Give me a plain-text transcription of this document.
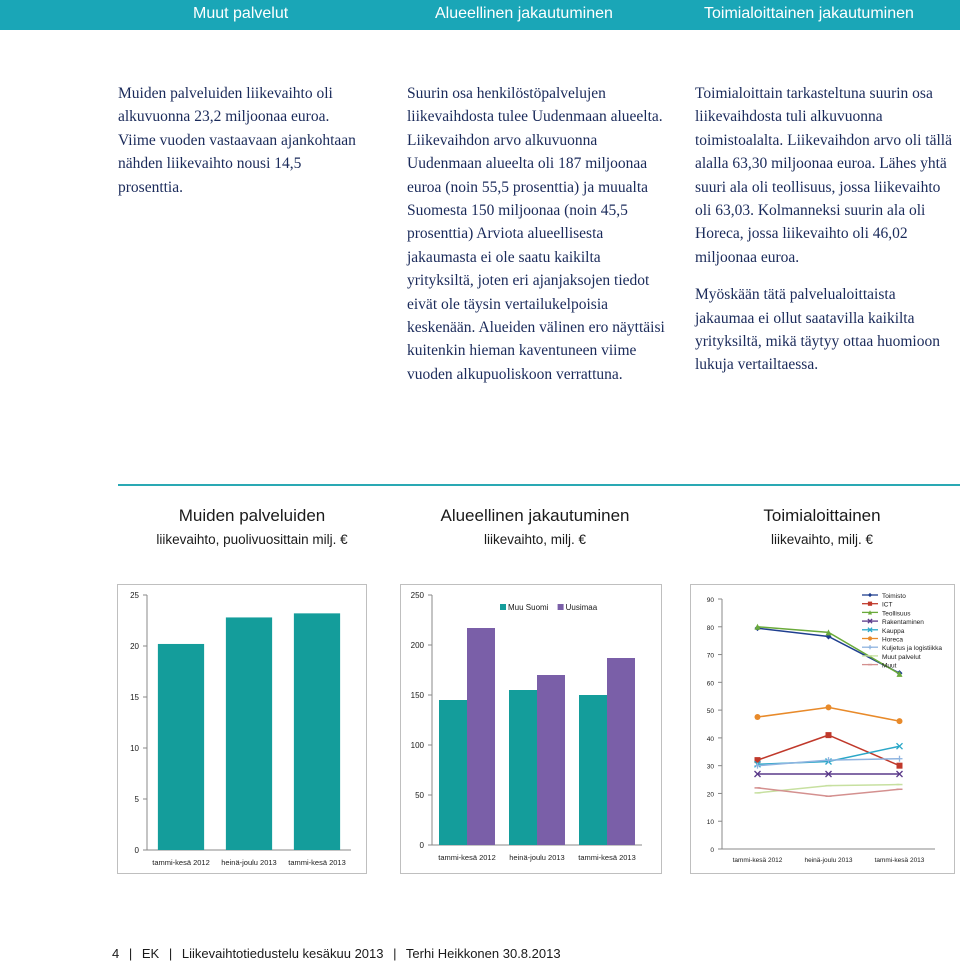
Muut palvelut	Alueellinen jakautuminen	Toimialoittainen jakautuminen

Muiden palveluiden liikevaihto oli alkuvuonna 23,2 miljoonaa euroa. Viime vuoden vastaavaan ajankohtaan nähden liikevaihto nousi 14,5 prosenttia.

Suurin osa henkilöstöpalvelujen liikevaihdosta tulee Uudenmaan alueelta. Liikevaihdon arvo alkuvuonna Uudenmaan alueelta oli 187 miljoonaa euroa (noin 55,5 prosenttia) ja muualta Suomesta 150 miljoonaa (noin 45,5 prosenttia) Arviota alueellisesta jakaumasta ei ole saatu kaikilta yrityksiltä, joten eri ajanjaksojen tiedot eivät ole täysin vertailukelpoisia keskenään. Alueiden välinen ero näyttäisi kuitenkin hieman kaventuneen viime vuoden alkupuoliskoon verrattuna.

Toimialoittain tarkasteltuna suurin osa liikevaihdosta tuli alkuvuonna toimistoalalta. Liikevaihdon arvo oli tällä alalla 63,30 miljoonaa euroa. Lähes yhtä suuri ala oli teollisuus, jossa liikevaihto oli 63,03. Kolmanneksi suurin ala oli Horeca, jossa liikevaihto oli 46,02 miljoonaa euroa.

Myöskään tätä palvelualoittaista jakaumaa ei ollut saatavilla kaikilta yrityksiltä, mikä täytyy ottaa huomioon lukuja vertailtaessa.

Muiden palveluiden
liikevaihto, puolivuosittain milj. €
Alueellinen jakautuminen
liikevaihto, milj. €
Toimialoittainen
liikevaihto, milj. €
0
5
10
15
20
25
tammi-kesä 2012 heinä-joulu 2013 tammi-kesä 2013
0
50
100
150
200
250
tammi-kesä 2012 heinä-joulu 2013 tammi-kesä 2013
Muu Suomi Uusimaa
0
10
20
30
40
50
60
70
80
90
tammi-kesä 2012	heinä-joulu 2013	tammi-kesä 2013
Toimisto
ICT
Teollisuus
Rakentaminen
Kauppa
Horeca
Kuljetus ja logistiikka
Muut palvelut
Muut
4 | EK | Liikevaihtotiedustelu kesäkuu 2013 | Terhi Heikkonen 30.8.2013
